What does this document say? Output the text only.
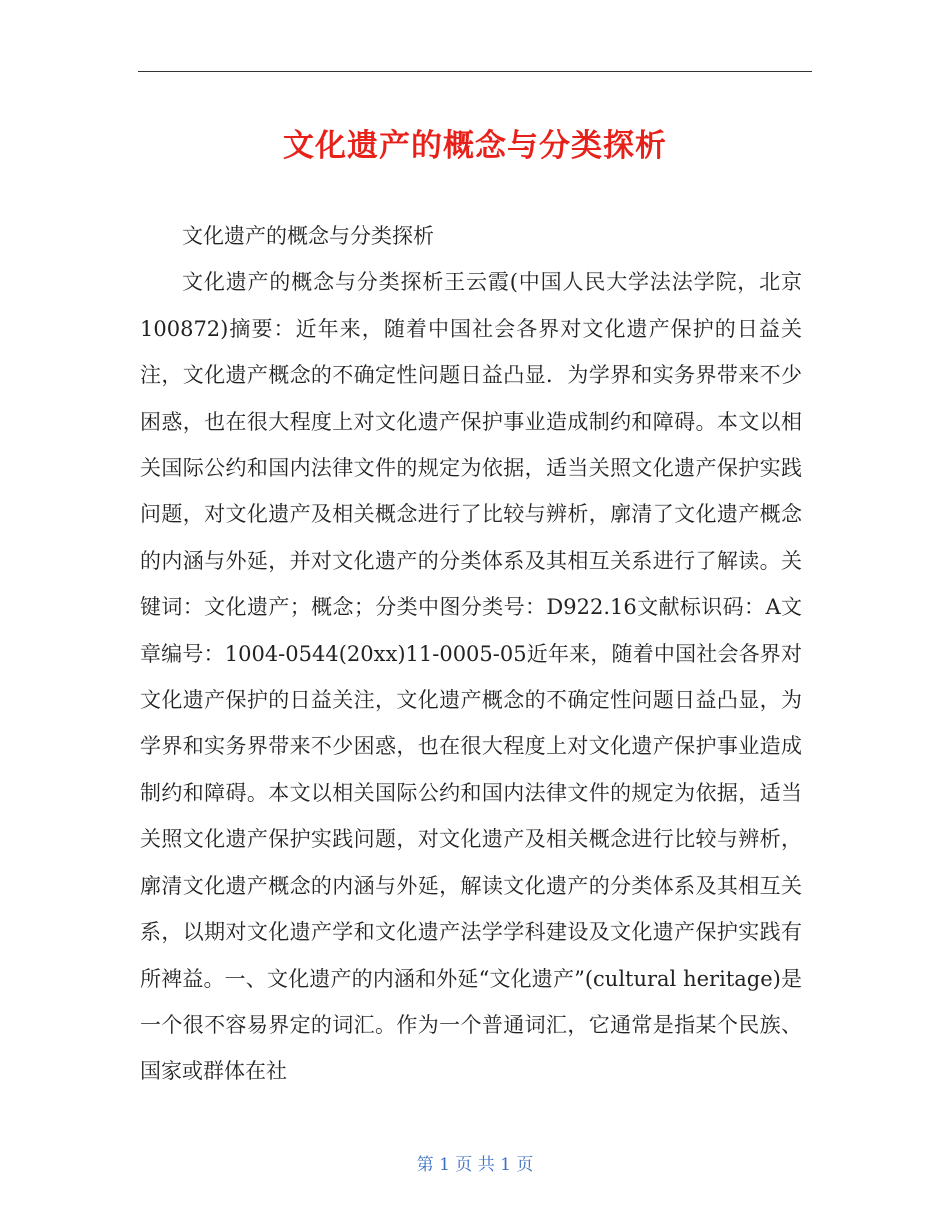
文化遗产的概念与分类探析

文化遗产的概念与分类探析

文化遗产的概念与分类探析王云霞(中国人民大学法法学院，北京100872)摘要：近年来，随着中国社会各界对文化遗产保护的日益关注，文化遗产概念的不确定性问题日益凸显．为学界和实务界带来不少困惑，也在很大程度上对文化遗产保护事业造成制约和障碍。本文以相关国际公约和国内法律文件的规定为依据，适当关照文化遗产保护实践问题，对文化遗产及相关概念进行了比较与辨析，廓清了文化遗产概念的内涵与外延，并对文化遗产的分类体系及其相互关系进行了解读。关键词：文化遗产；概念；分类中图分类号：D922.16文献标识码：A文章编号：1004-0544(20xx)11-0005-05近年来，随着中国社会各界对文化遗产保护的日益关注，文化遗产概念的不确定性问题日益凸显，为学界和实务界带来不少困惑，也在很大程度上对文化遗产保护事业造成制约和障碍。本文以相关国际公约和国内法律文件的规定为依据，适当关照文化遗产保护实践问题，对文化遗产及相关概念进行比较与辨析，廓清文化遗产概念的内涵与外延，解读文化遗产的分类体系及其相互关系，以期对文化遗产学和文化遗产法学学科建设及文化遗产保护实践有所裨益。一、文化遗产的内涵和外延“文化遗产”(cultural heritage)是一个很不容易界定的词汇。作为一个普通词汇，它通常是指某个民族、国家或群体在社

第 1 页 共 1 页
